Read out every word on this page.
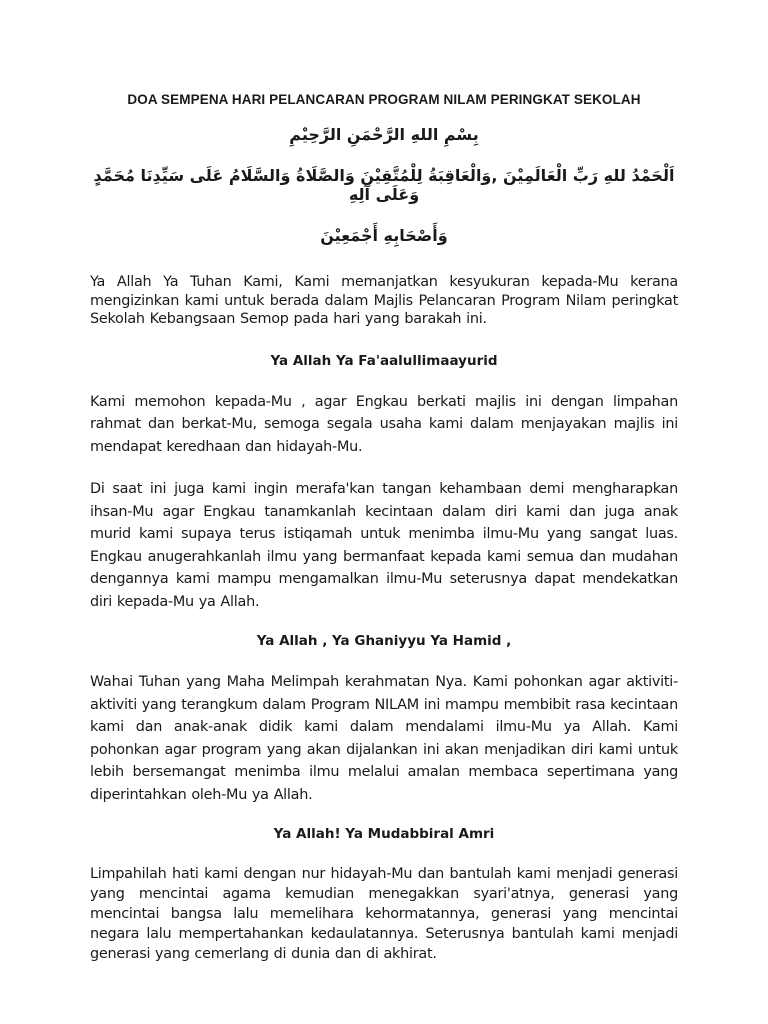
DOA SEMPENA HARI PELANCARAN PROGRAM NILAM PERINGKAT SEKOLAH

بِسْمِ اللهِ الرَّحْمَنِ الرَّحِيْمِ

اَلْحَمْدُ للهِ رَبِّ الْعَالَمِيْنَ ,وَالْعَاقِبَةُ لِلْمُتَّقِيْنَ وَالصَّلَاةُ وَالسَّلَامُ عَلَى سَيِّدِنَا مُحَمَّدٍ وَعَلَى آلِهِ

وَأَصْحَابِهِ أَجْمَعِيْنَ

Ya Allah Ya Tuhan Kami, Kami memanjatkan kesyukuran kepada-Mu kerana mengizinkan kami untuk berada dalam Majlis Pelancaran Program Nilam peringkat Sekolah Kebangsaan Semop pada hari yang barakah ini.

Ya Allah Ya Fa'aalullimaayurid

Kami memohon kepada-Mu , agar Engkau berkati majlis ini dengan limpahan rahmat dan berkat-Mu, semoga segala usaha kami dalam menjayakan majlis ini mendapat keredhaan dan hidayah-Mu.

Di saat ini juga kami ingin merafa'kan tangan kehambaan demi mengharapkan ihsan-Mu agar Engkau tanamkanlah kecintaan dalam diri kami dan juga anak murid kami supaya terus istiqamah untuk menimba ilmu-Mu yang sangat luas. Engkau anugerahkanlah ilmu yang bermanfaat kepada kami semua dan mudahan dengannya kami mampu mengamalkan ilmu-Mu seterusnya dapat mendekatkan diri kepada-Mu ya Allah.

Ya Allah , Ya Ghaniyyu Ya Hamid ,

Wahai Tuhan yang Maha Melimpah kerahmatan Nya. Kami pohonkan agar aktiviti-aktiviti yang terangkum dalam Program NILAM ini mampu membibit rasa kecintaan kami dan anak-anak didik kami dalam mendalami ilmu-Mu ya Allah. Kami pohonkan agar program yang akan dijalankan ini akan menjadikan diri kami untuk lebih bersemangat menimba ilmu melalui amalan membaca sepertimana yang diperintahkan oleh-Mu ya Allah.

Ya Allah! Ya Mudabbiral Amri

Limpahilah hati kami dengan nur hidayah-Mu dan bantulah kami menjadi generasi yang mencintai agama kemudian menegakkan syari'atnya, generasi yang mencintai bangsa lalu memelihara kehormatannya, generasi yang mencintai negara lalu mempertahankan kedaulatannya. Seterusnya bantulah kami menjadi generasi yang cemerlang di dunia dan di akhirat.
